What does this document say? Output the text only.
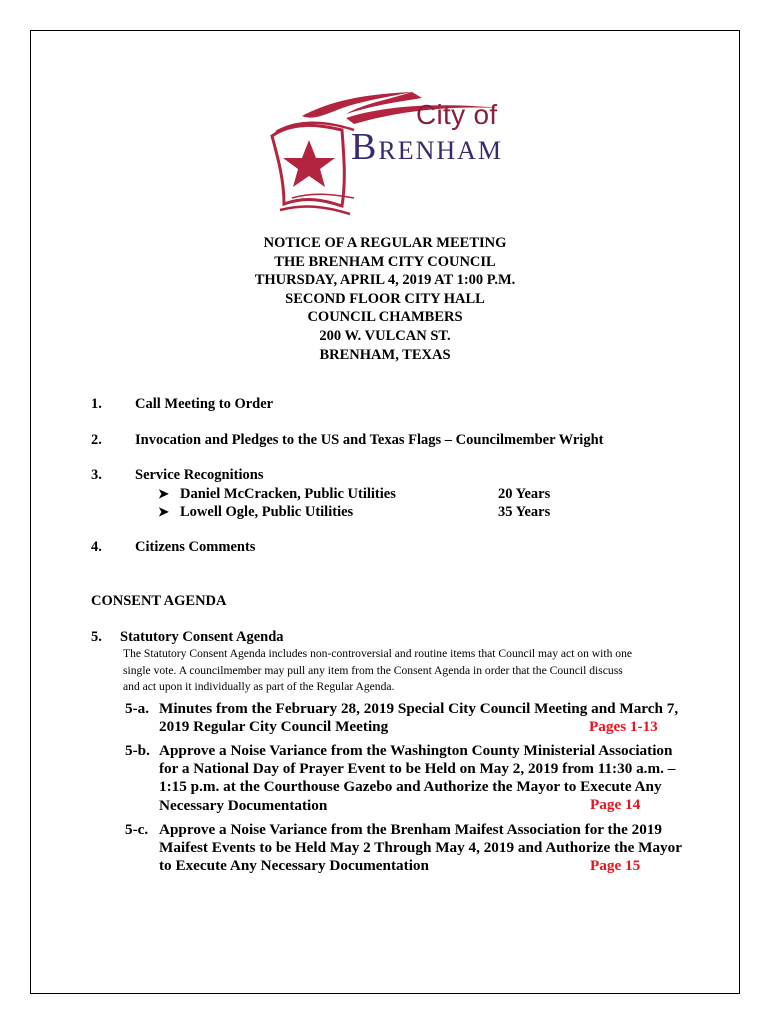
City of
BRENHAM
NOTICE OF A REGULAR MEETING
THE BRENHAM CITY COUNCIL
THURSDAY, APRIL 4, 2019 AT 1:00 P.M.
SECOND FLOOR CITY HALL
COUNCIL CHAMBERS
200 W. VULCAN ST.
BRENHAM, TEXAS
1. Call Meeting to Order
2. Invocation and Pledges to the US and Texas Flags – Councilmember Wright
3. Service Recognitions
➤ Daniel McCracken, Public Utilities	20 Years
➤ Lowell Ogle, Public Utilities	35 Years
4. Citizens Comments
CONSENT AGENDA
5. Statutory Consent Agenda
The Statutory Consent Agenda includes non-controversial and routine items that Council may act on with one
single vote. A councilmember may pull any item from the Consent Agenda in order that the Council discuss
and act upon it individually as part of the Regular Agenda.
5-a. Minutes from the February 28, 2019 Special City Council Meeting and March 7,
2019 Regular City Council Meeting	Pages 1-13
5-b. Approve a Noise Variance from the Washington County Ministerial Association
for a National Day of Prayer Event to be Held on May 2, 2019 from 11:30 a.m. –
1:15 p.m. at the Courthouse Gazebo and Authorize the Mayor to Execute Any
Necessary Documentation	Page 14
5-c. Approve a Noise Variance from the Brenham Maifest Association for the 2019
Maifest Events to be Held May 2 Through May 4, 2019 and Authorize the Mayor
to Execute Any Necessary Documentation	Page 15
